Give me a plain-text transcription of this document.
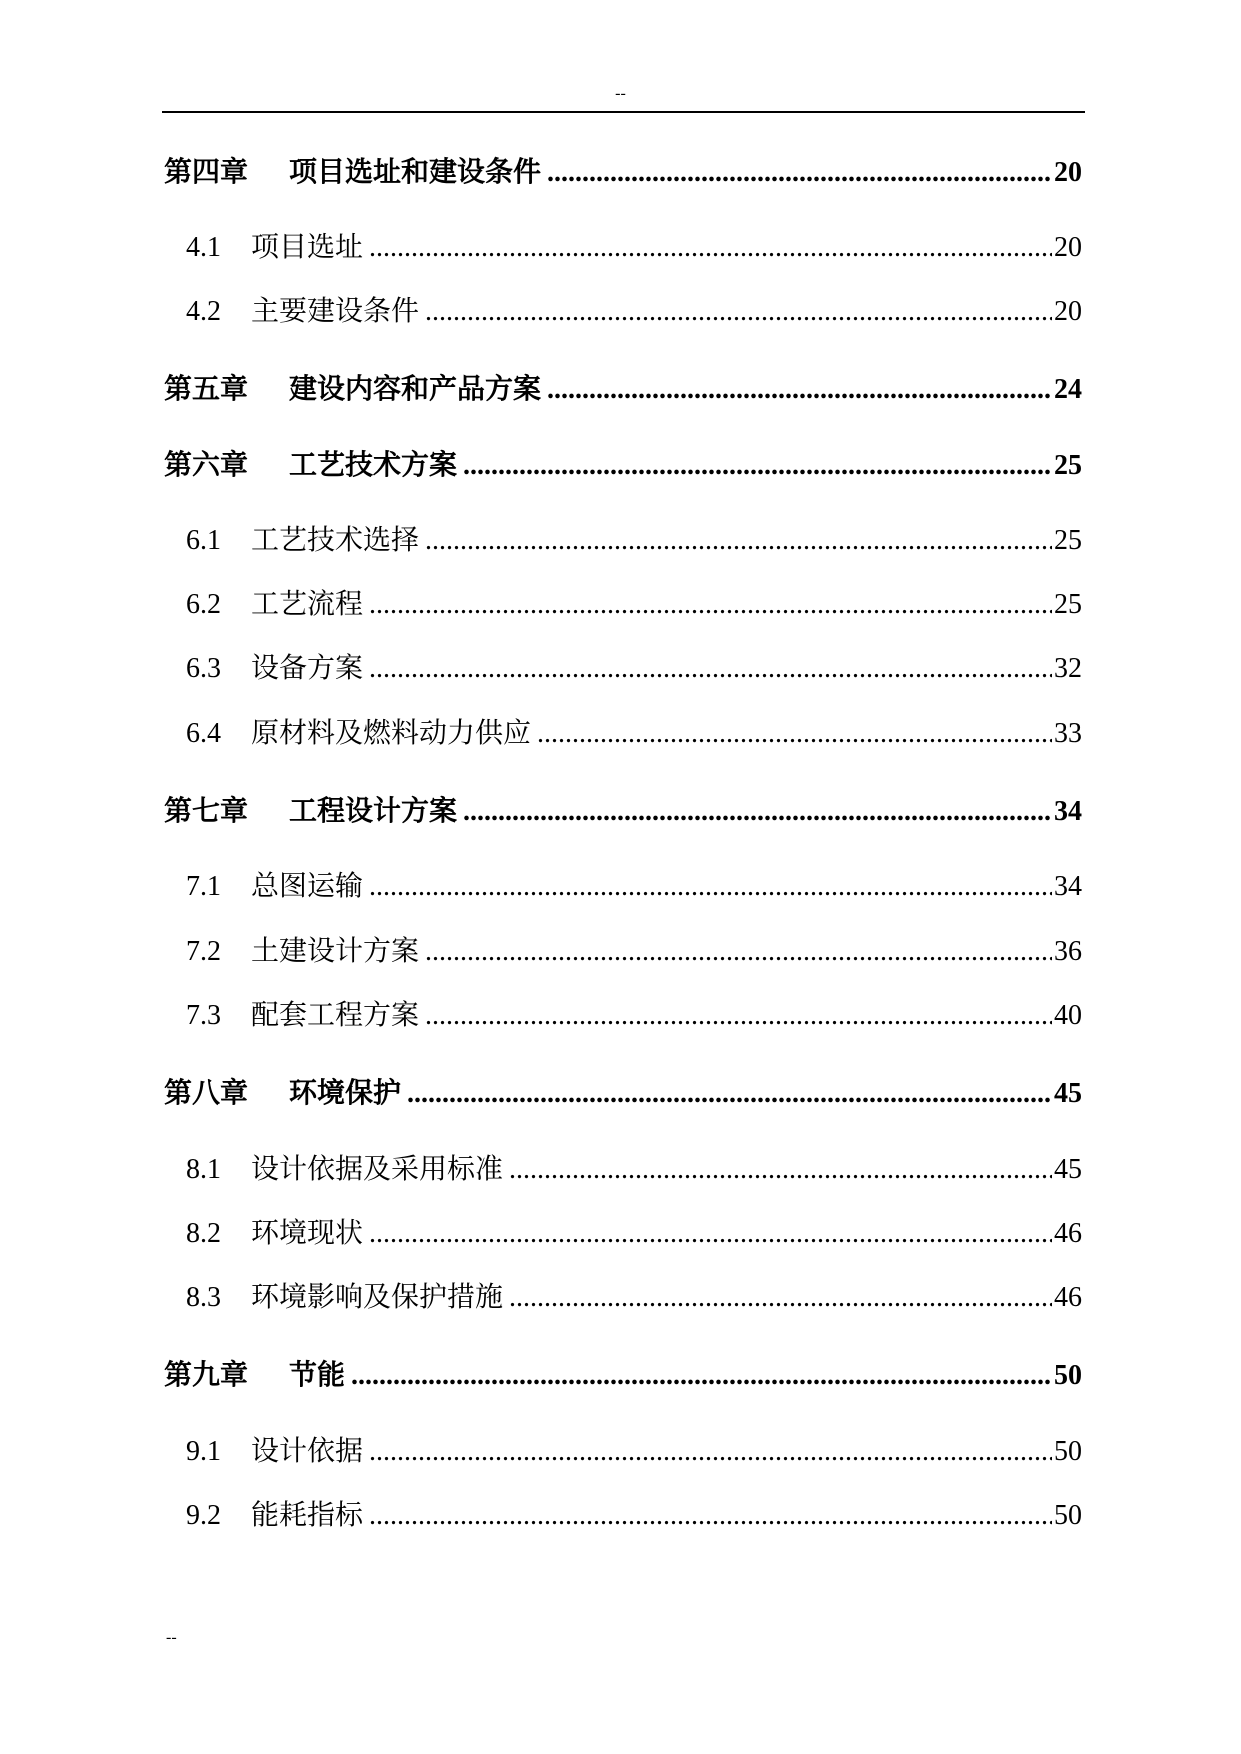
--
第四章	项目选址和建设条件 .....	20
4.1	项目选址 .....	20
4.2	主要建设条件 .....	20
第五章	建设内容和产品方案 .....	24
第六章	工艺技术方案 .....	25
6.1	工艺技术选择 .....	25
6.2	工艺流程 .....	25
6.3	设备方案 .....	32
6.4	原材料及燃料动力供应 .....	33
第七章	工程设计方案 .....	34
7.1	总图运输 .....	34
7.2	土建设计方案 .....	36
7.3	配套工程方案 .....	40
第八章	环境保护 .....	45
8.1	设计依据及采用标准 .....	45
8.2	环境现状 .....	46
8.3	环境影响及保护措施 .....	46
第九章	节能 .....	50
9.1	设计依据 .....	50
9.2	能耗指标 .....	50
--
